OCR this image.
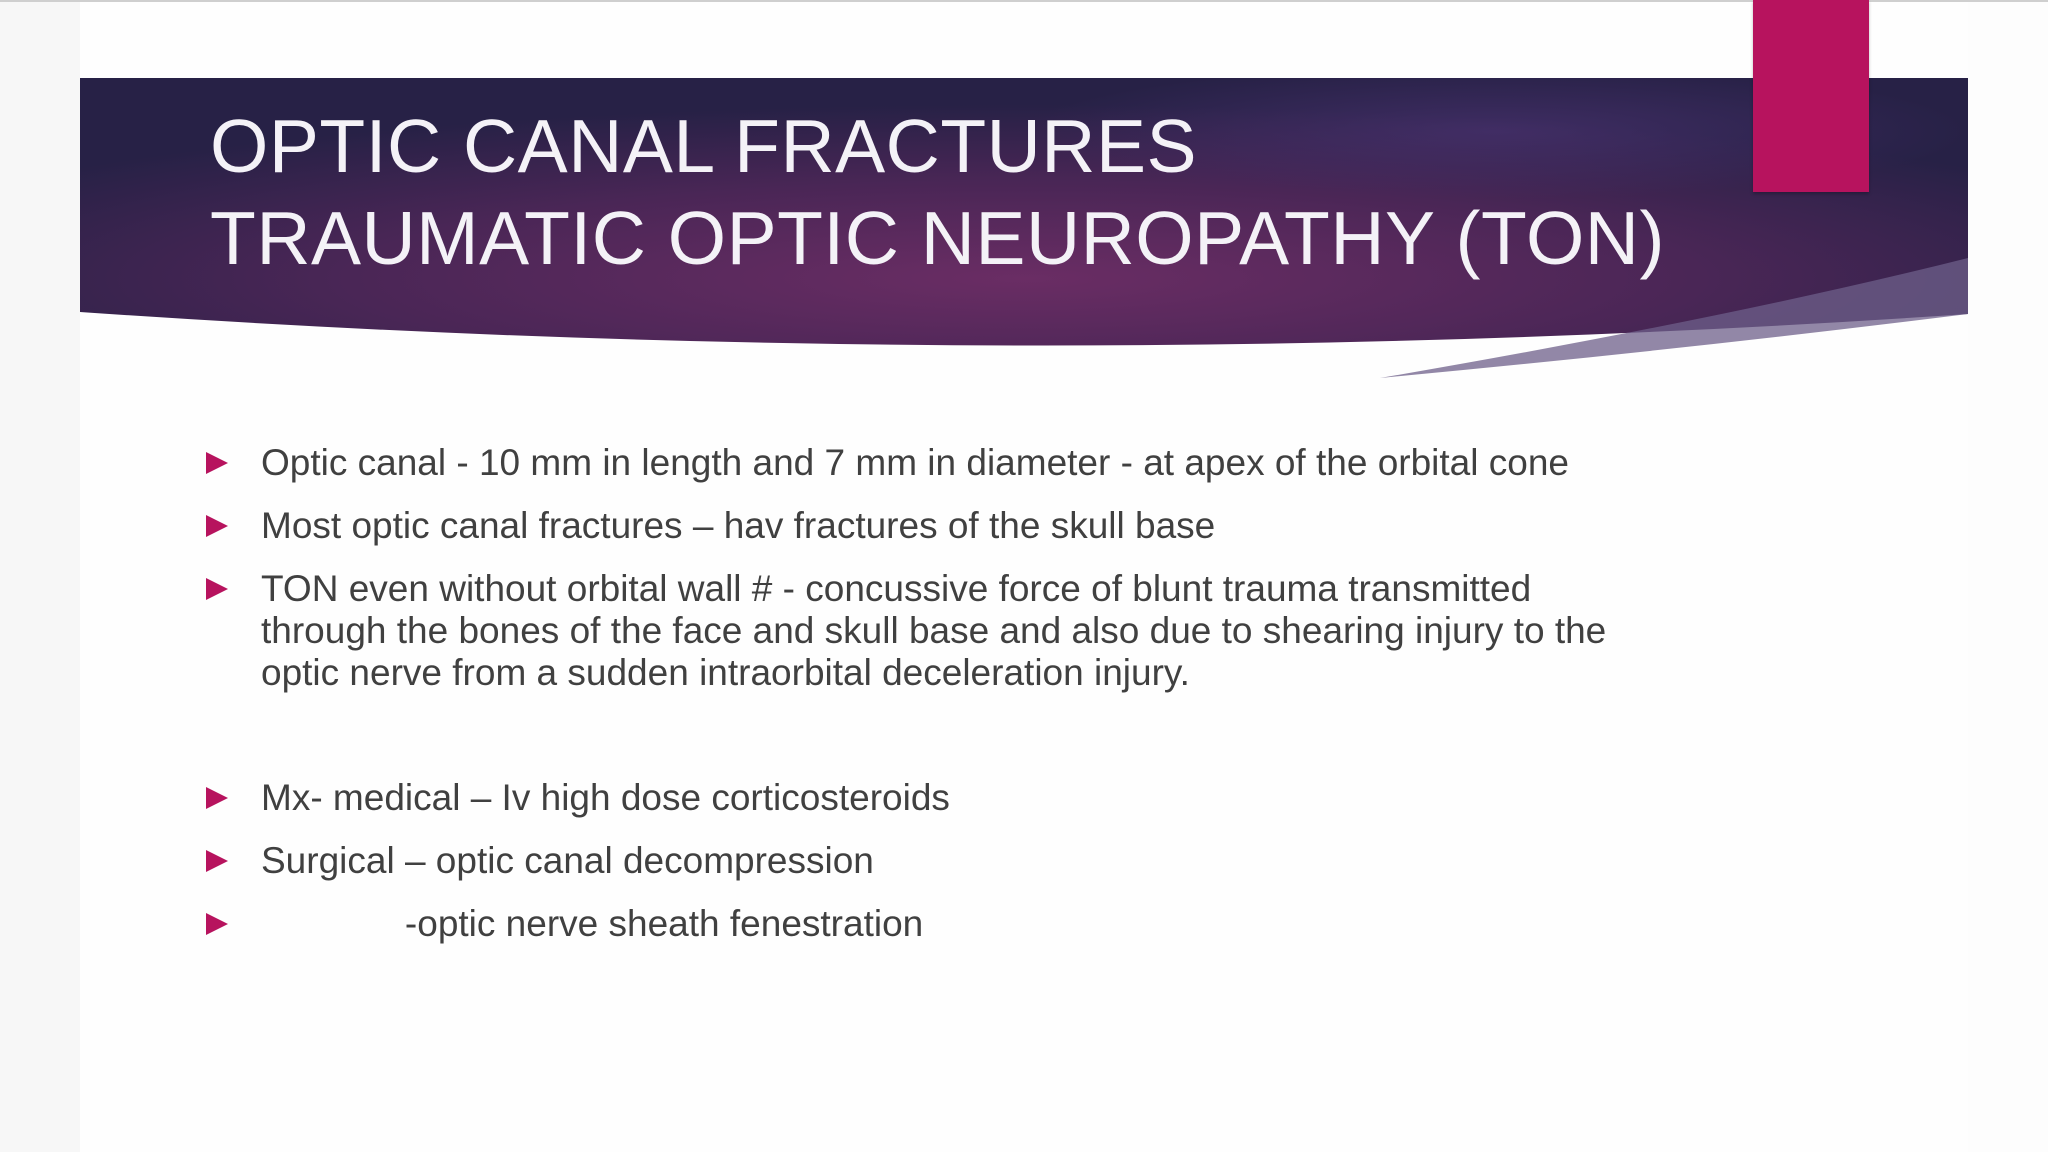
OPTIC CANAL FRACTURES
TRAUMATIC OPTIC NEUROPATHY (TON)
Optic canal - 10 mm in length and 7 mm in diameter - at apex of the orbital cone
Most optic canal fractures – hav fractures of the skull base
TON even without orbital wall # - concussive force of blunt trauma transmitted
through the bones of the face and skull base and also due to shearing injury to the
optic nerve from a sudden intraorbital deceleration injury.
Mx- medical – Iv high dose corticosteroids
Surgical – optic canal decompression
-optic nerve sheath fenestration
